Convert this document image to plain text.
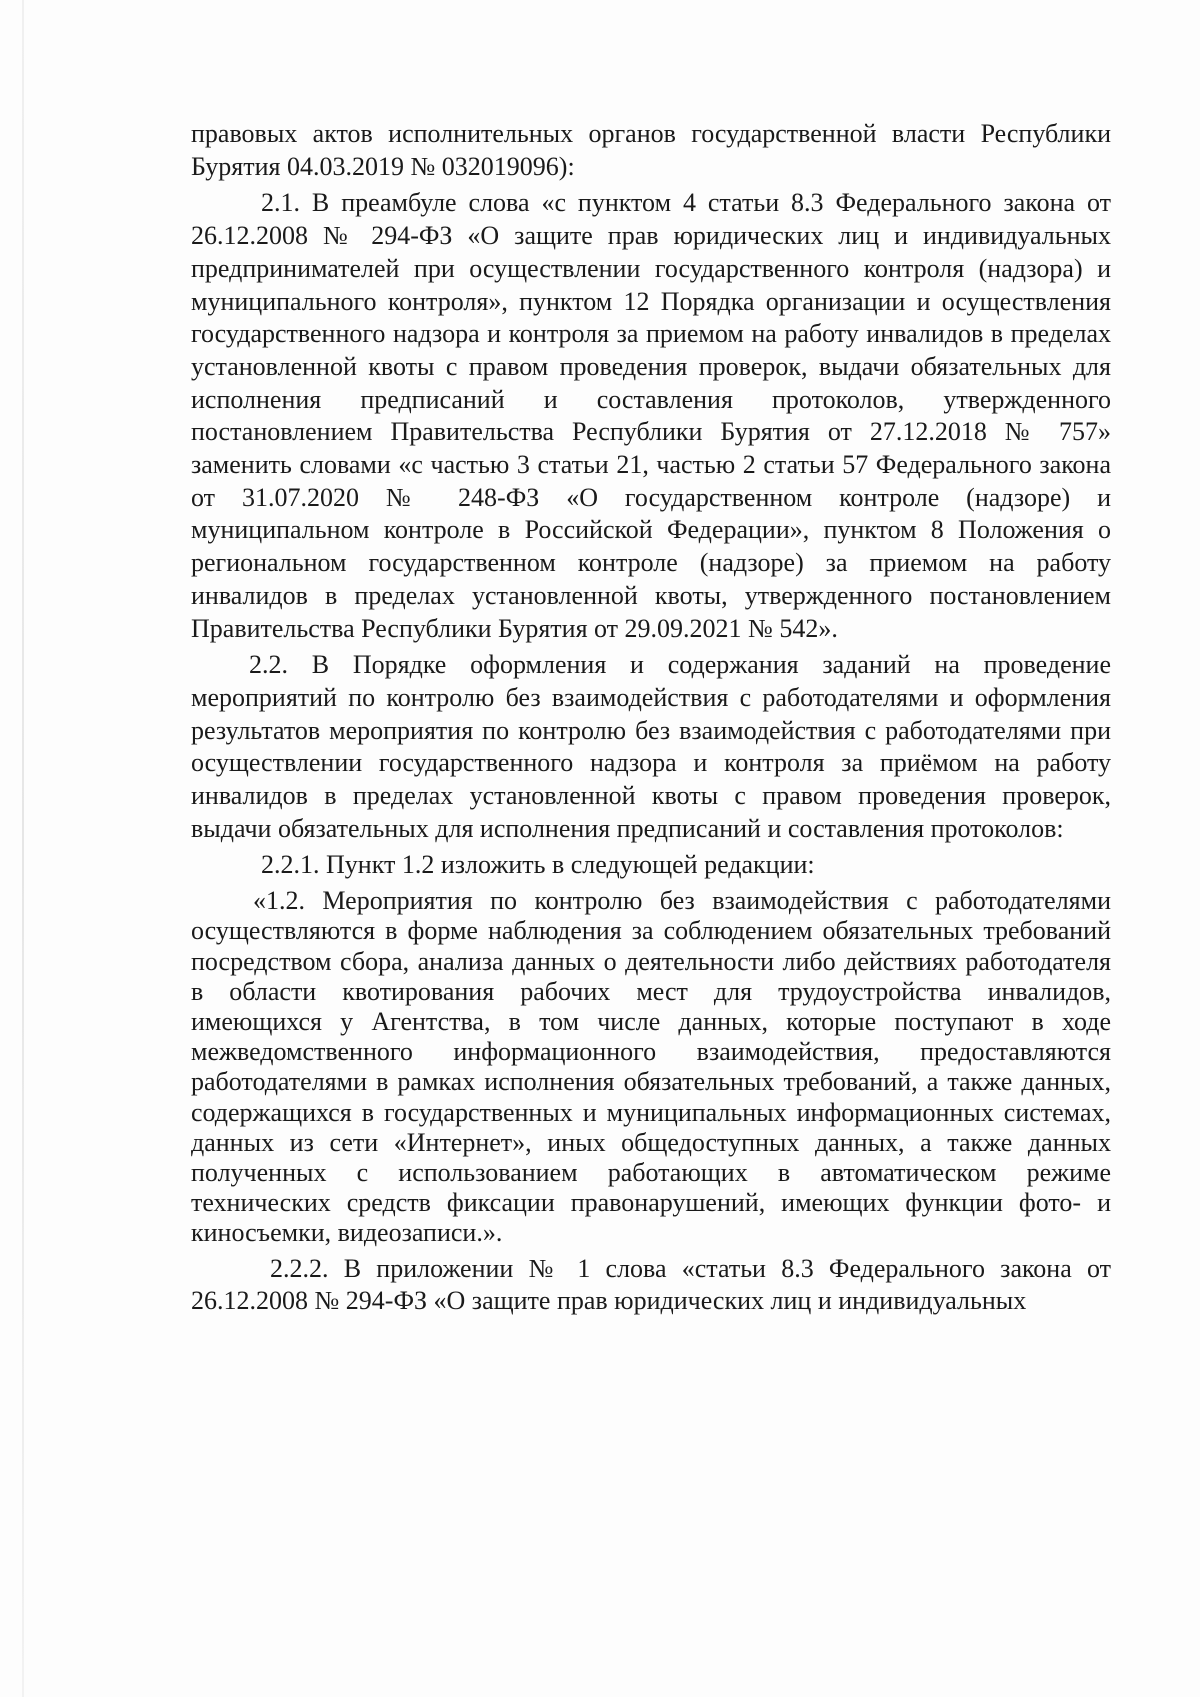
правовых актов исполнительных органов государственной власти Республики Бурятия 04.03.2019 № 032019096):

2.1. В преамбуле слова «с пунктом 4 статьи 8.3 Федерального закона от 26.12.2008 № 294-ФЗ «О защите прав юридических лиц и индивидуальных предпринимателей при осуществлении государственного контроля (надзора) и муниципального контроля», пунктом 12 Порядка организации и осуществления государственного надзора и контроля за приемом на работу инвалидов в пределах установленной квоты с правом проведения проверок, выдачи обязательных для исполнения предписаний и составления протоколов, утвержденного постановлением Правительства Республики Бурятия от 27.12.2018 № 757» заменить словами «с частью 3 статьи 21, частью 2 статьи 57 Федерального закона от 31.07.2020 № 248-ФЗ «О государственном контроле (надзоре) и муниципальном контроле в Российской Федерации», пунктом 8 Положения о региональном государственном контроле (надзоре) за приемом на работу инвалидов в пределах установленной квоты, утвержденного постановлением Правительства Республики Бурятия от 29.09.2021 № 542».

2.2. В Порядке оформления и содержания заданий на проведение мероприятий по контролю без взаимодействия с работодателями и оформления результатов мероприятия по контролю без взаимодействия с работодателями при осуществлении государственного надзора и контроля за приёмом на работу инвалидов в пределах установленной квоты с правом проведения проверок, выдачи обязательных для исполнения предписаний и составления протоколов:

2.2.1. Пункт 1.2 изложить в следующей редакции:

«1.2. Мероприятия по контролю без взаимодействия с работодателями осуществляются в форме наблюдения за соблюдением обязательных требований посредством сбора, анализа данных о деятельности либо действиях работодателя в области квотирования рабочих мест для трудоустройства инвалидов, имеющихся у Агентства, в том числе данных, которые поступают в ходе межведомственного информационного взаимодействия, предоставляются работодателями в рамках исполнения обязательных требований, а также данных, содержащихся в государственных и муниципальных информационных системах, данных из сети «Интернет», иных общедоступных данных, а также данных полученных с использованием работающих в автоматическом режиме технических средств фиксации правонарушений, имеющих функции фото- и киносъемки, видеозаписи.».

2.2.2. В приложении № 1 слова «статьи 8.3 Федерального закона от 26.12.2008 № 294-ФЗ «О защите прав юридических лиц и индивидуальных
